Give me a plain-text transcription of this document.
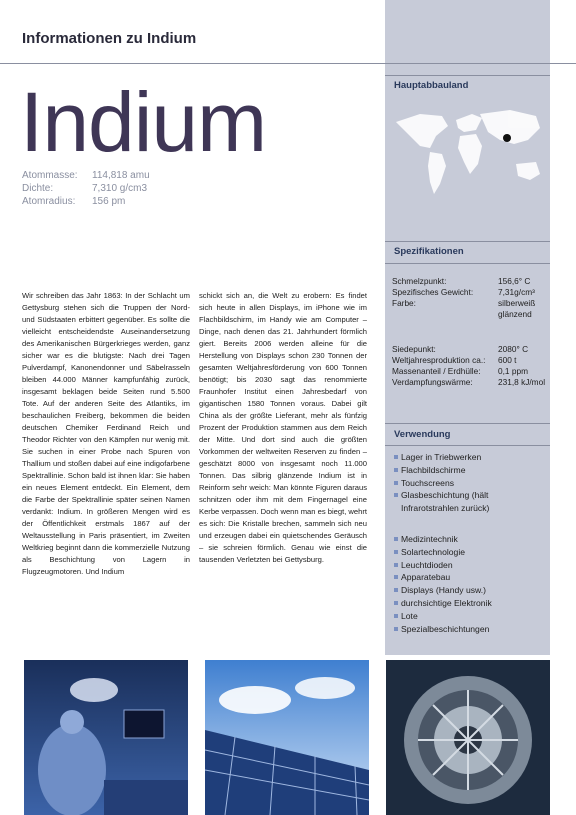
Informationen zu Indium
Indium
Atommasse:	114,818 amu
Dichte:	7,310 g/cm3
Atomradius:	156 pm
Wir schreiben das Jahr 1863: In der Schlacht um Gettysburg stehen sich die Truppen der Nord- und Südstaaten erbittert gegenüber. Es sollte die vielleicht entscheidendste Auseinandersetzung des Amerikanischen Bürgerkrieges werden, ganz sicher war es die blutigste: Nach drei Tagen Pulverdampf, Kanonendonner und Säbelrasseln bleiben 44.000 Männer kampfunfähig zurück, insgesamt beklagen beide Seiten rund 5.500 Tote. Auf der anderen Seite des Atlantiks, im beschaulichen Freiberg, bekommen die beiden deutschen Chemiker Ferdinand Reich und Theodor Richter von den Kämpfen nur wenig mit. Sie suchen in einer Probe nach Spuren von Thallium und stoßen dabei auf eine indigofarbene Spektrallinie. Schon bald ist ihnen klar: Sie haben ein neues Element entdeckt. Ein Element, dem die Farbe der Spektrallinie später seinen Namen verdankt: Indium. In größeren Mengen wird es der Öffentlichkeit erstmals 1867 auf der Weltausstellung in Paris präsentiert, im Zweiten Weltkrieg beginnt dann die kommerzielle Nutzung als Beschichtung von Lagern in Flugzeugmotoren. Und Indium
schickt sich an, die Welt zu erobern: Es findet sich heute in allen Displays, im iPhone wie im Flachbildschirm, im Handy wie am Computer – Dinge, nach denen das 21. Jahrhundert förmlich giert. Bereits 2006 werden alleine für die Herstellung von Displays schon 230 Tonnen der gesamten Weltjahresförderung von 600 Tonnen benötigt; bis 2030 sagt das renommierte Fraunhofer Institut einen Jahresbedarf von gigantischen 1580 Tonnen voraus. Dabei gilt China als der größte Lieferant, mehr als fünfzig Prozent der Produktion stammen aus dem Reich der Mitte. Und dort sind auch die größten Vorkommen der weltweiten Reserven zu finden – geschätzt 8000 von insgesamt noch 11.000 Tonnen. Das silbrig glänzende Indium ist in Reinform sehr weich: Man könnte Figuren daraus schnitzen oder ihm mit dem Fingernagel eine Kerbe verpassen. Doch wenn man es biegt, wehrt es sich: Die Kristalle brechen, sammeln sich neu und erzeugen dabei ein quietschendes Geräusch – sie schreien förmlich. Genau wie einst die tausenden Verletzten bei Gettysburg.
Hauptabbauland
Spezifikationen
Schmelzpunkt:	156,6° C
Spezifisches Gewicht:	7,31g/cm³
Farbe:	silberweiß glänzend
Siedepunkt:	2080° C
Weltjahresproduktion ca.:	600 t
Massenanteil / Erdhülle:	0,1 ppm
Verdampfungswärme:	231,8 kJ/mol
Verwendung
Lager in Triebwerken
Flachbildschirme
Touchscreens
Glasbeschichtung (hält Infrarotstrahlen zurück)
Medizintechnik
Solartechnologie
Leuchtdioden
Apparatebau
Displays (Handy usw.)
durchsichtige Elektronik
Lote
Spezialbeschichtungen
